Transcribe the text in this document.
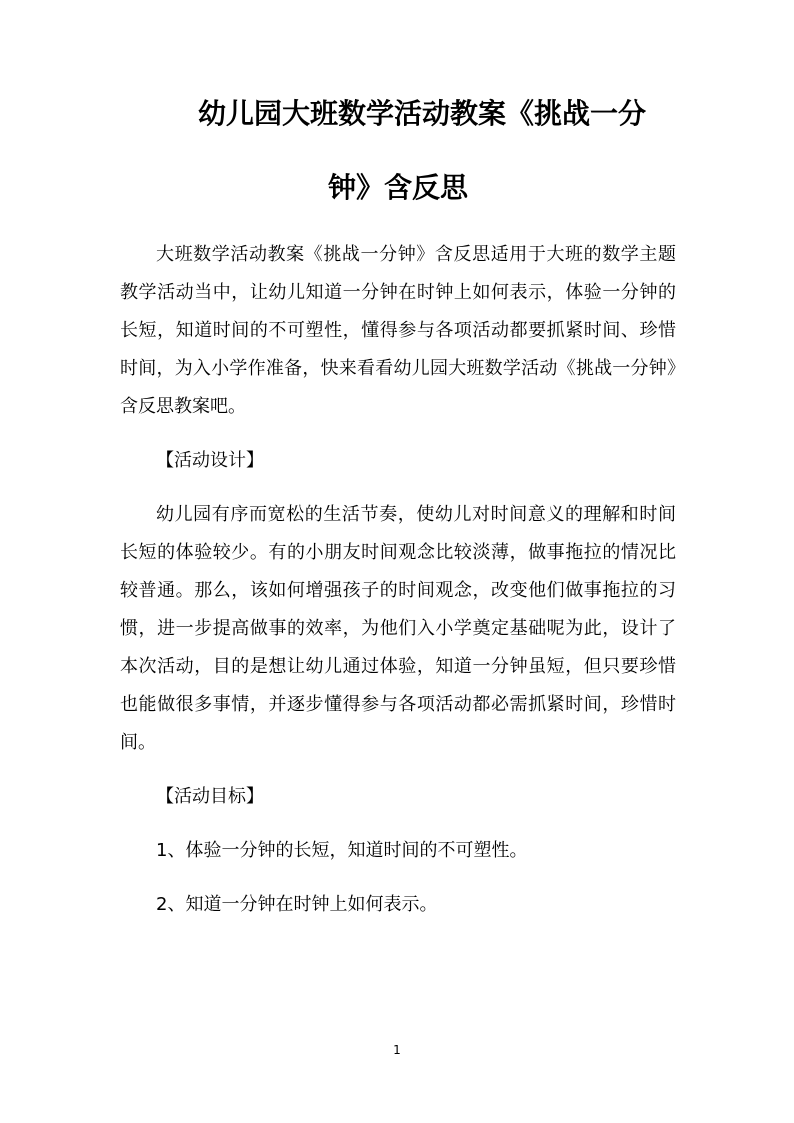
幼儿园大班数学活动教案《挑战一分
钟》含反思

大班数学活动教案《挑战一分钟》含反思适用于大班的数学主题教学活动当中，让幼儿知道一分钟在时钟上如何表示，体验一分钟的长短，知道时间的不可塑性，懂得参与各项活动都要抓紧时间、珍惜时间，为入小学作准备，快来看看幼儿园大班数学活动《挑战一分钟》含反思教案吧。

【活动设计】

幼儿园有序而宽松的生活节奏，使幼儿对时间意义的理解和时间长短的体验较少。有的小朋友时间观念比较淡薄，做事拖拉的情况比较普通。那么，该如何增强孩子的时间观念，改变他们做事拖拉的习惯，进一步提高做事的效率，为他们入小学奠定基础呢为此，设计了本次活动，目的是想让幼儿通过体验，知道一分钟虽短，但只要珍惜也能做很多事情，并逐步懂得参与各项活动都必需抓紧时间，珍惜时间。

【活动目标】

1、体验一分钟的长短，知道时间的不可塑性。

2、知道一分钟在时钟上如何表示。

1
